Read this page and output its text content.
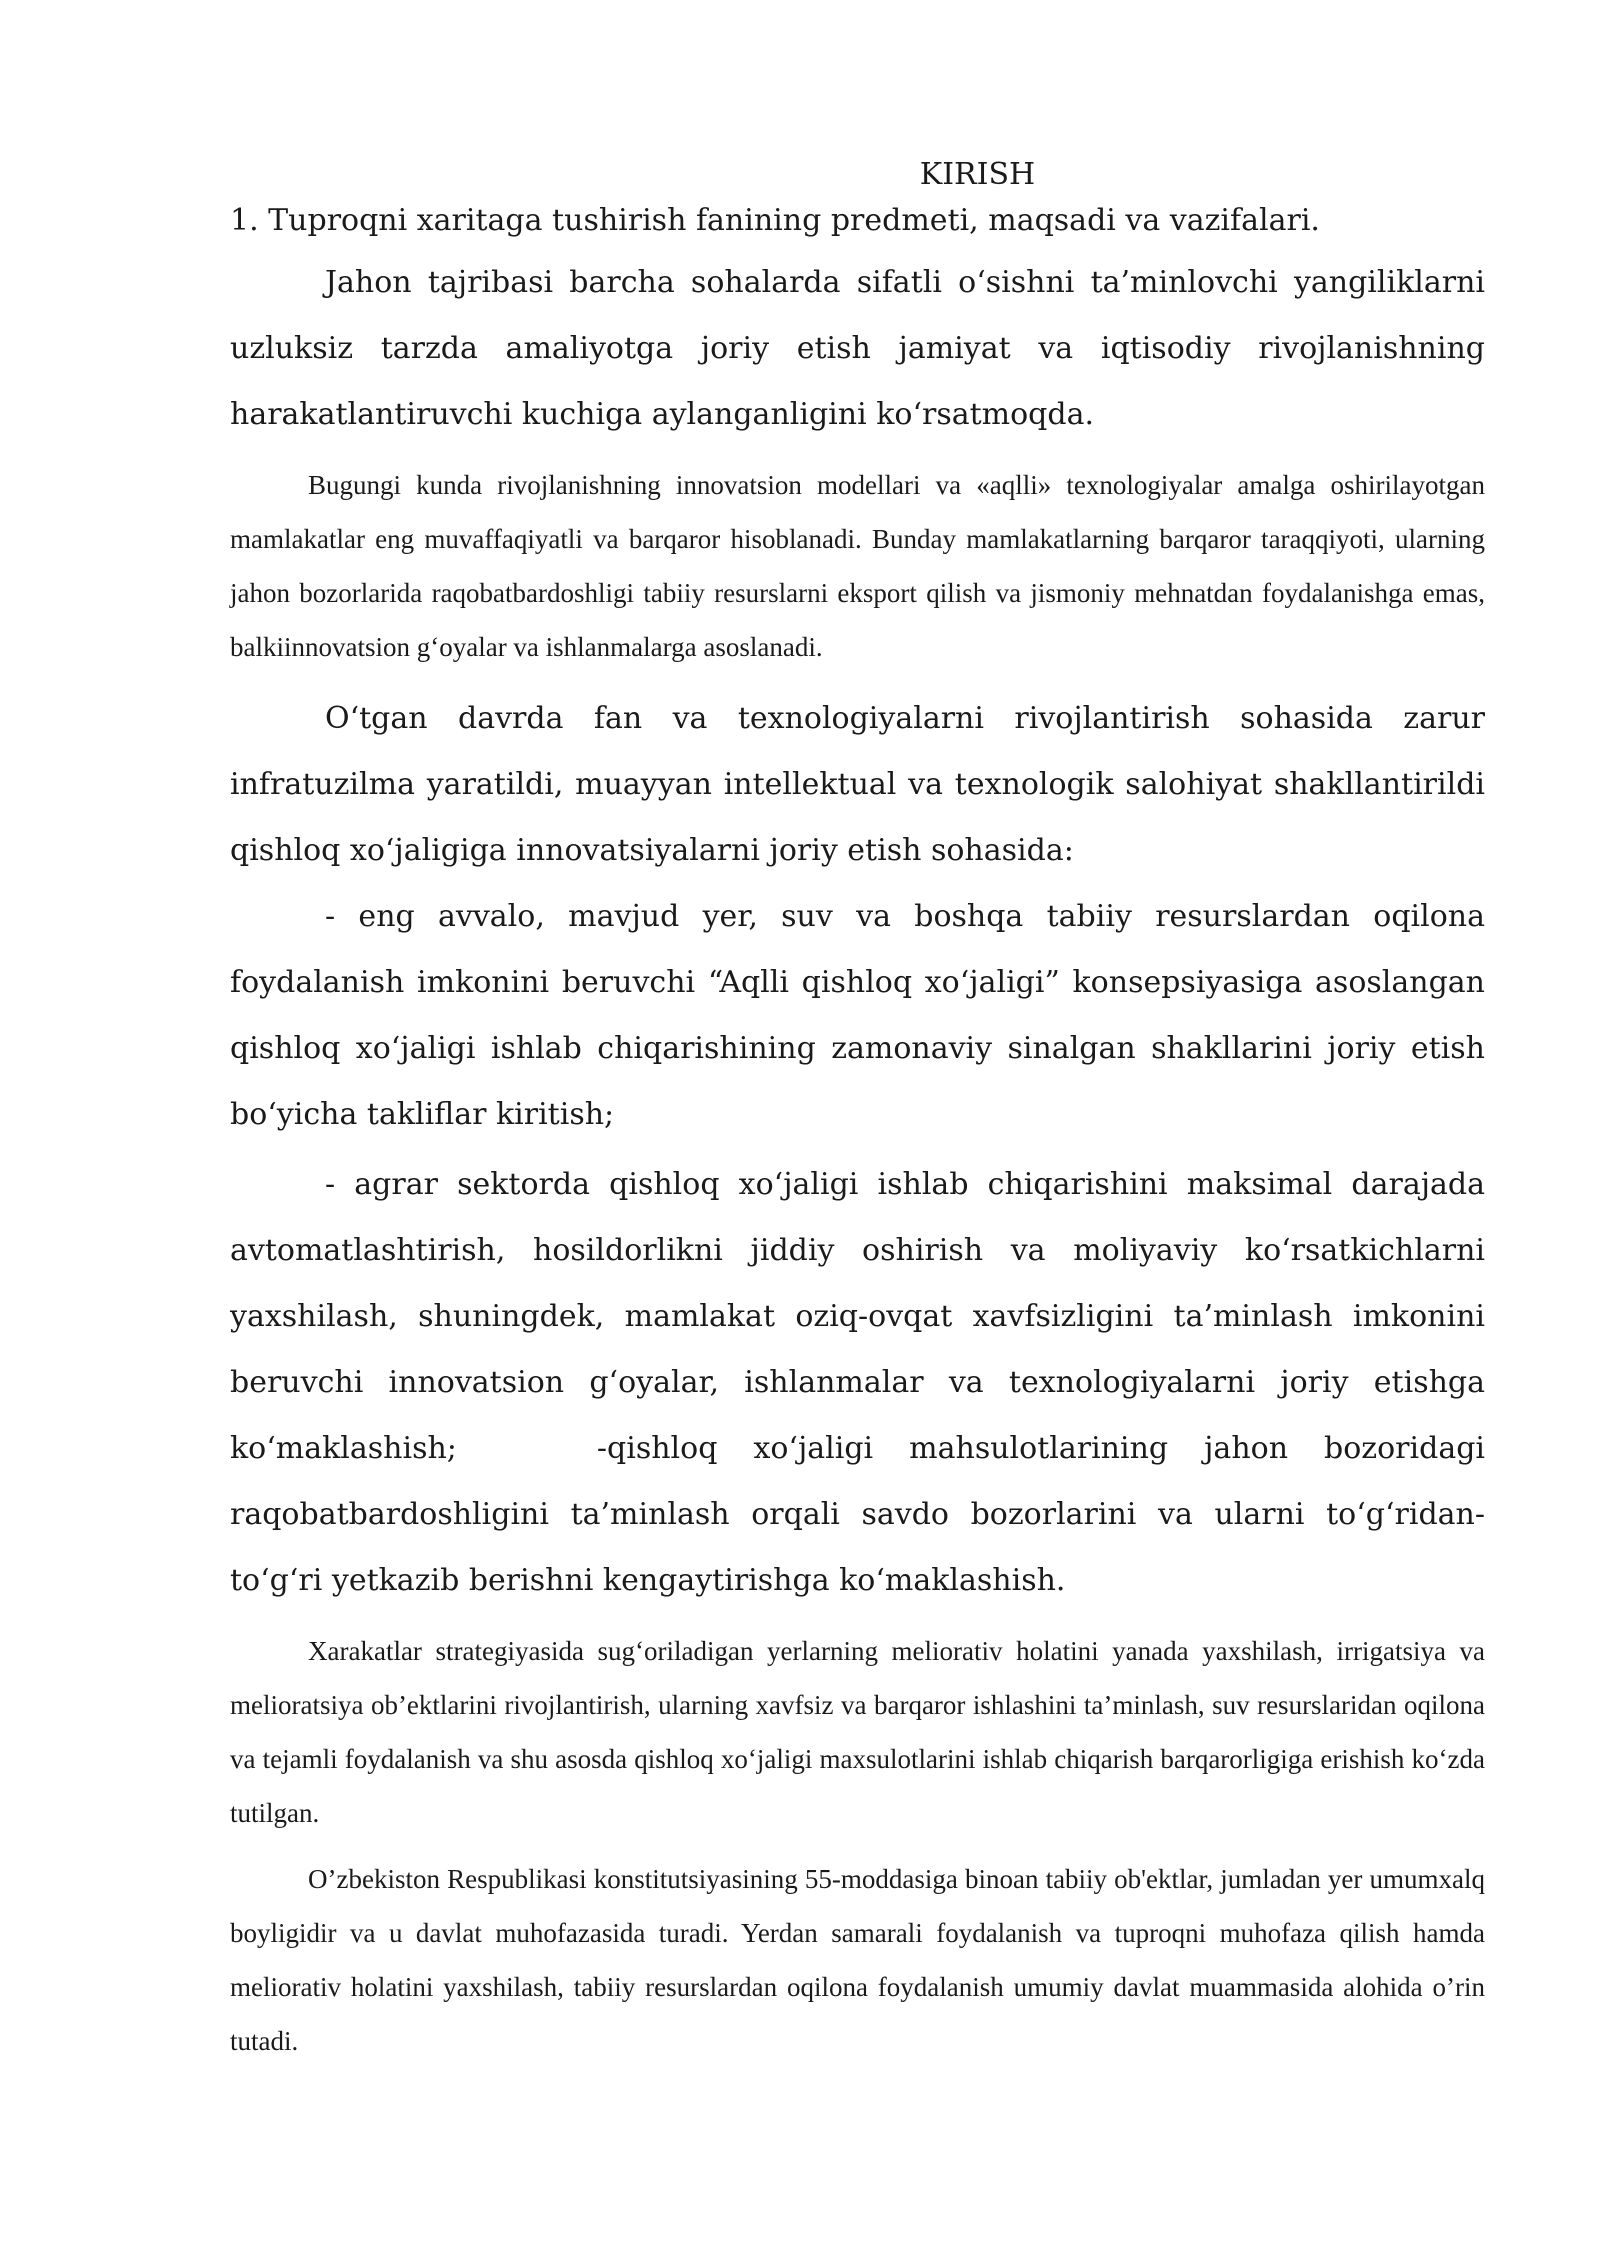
KIRISH

1. Tuproqni xaritaga tushirish fanining predmeti, maqsadi va vazifalari.

Jahon tajribasi barcha sohalarda sifatli o‘sishni ta’minlovchi yangiliklarni uzluksiz tarzda amaliyotga joriy etish jamiyat va iqtisodiy rivojlanishning harakatlantiruvchi kuchiga aylanganligini ko‘rsatmoqda.

Bugungi kunda rivojlanishning innovatsion modellari va «aqlli» texnologiyalar amalga oshirilayotgan mamlakatlar eng muvaffaqiyatli va barqaror hisoblanadi. Bunday mamlakatlarning barqaror taraqqiyoti, ularning jahon bozorlarida raqobatbardoshligi tabiiy resurslarni eksport qilish va jismoniy mehnatdan foydalanishga emas, balkiinnovatsion g‘oyalar va ishlanmalarga asoslanadi.

O‘tgan davrda fan va texnologiyalarni rivojlantirish sohasida zarur infratuzilma yaratildi, muayyan intellektual va texnologik salohiyat shakllantirildi qishloq xo‘jaligiga innovatsiyalarni joriy etish sohasida:

- eng avvalo, mavjud yer, suv va boshqa tabiiy resurslardan oqilona foydalanish imkonini beruvchi “Aqlli qishloq xo‘jaligi” konsepsiyasiga asoslangan qishloq xo‘jaligi ishlab chiqarishining zamonaviy sinalgan shakllarini joriy etish bo‘yicha takliflar kiritish;

- agrar sektorda qishloq xo‘jaligi ishlab chiqarishini maksimal darajada avtomatlashtirish, hosildorlikni jiddiy oshirish va moliyaviy ko‘rsatkichlarni yaxshilash, shuningdek, mamlakat oziq-ovqat xavfsizligini ta’minlash imkonini beruvchi innovatsion g‘oyalar, ishlanmalar va texnologiyalarni joriy etishga ko‘maklashish;	-qishloq xo‘jaligi mahsulotlarining jahon bozoridagi raqobatbardoshligini ta’minlash orqali savdo bozorlarini va ularni to‘g‘ridan-to‘g‘ri yetkazib berishni kengaytirishga ko‘maklashish.

Xarakatlar strategiyasida sug‘oriladigan yerlarning meliorativ holatini yanada yaxshilash, irrigatsiya va melioratsiya ob’ektlarini rivojlantirish, ularning xavfsiz va barqaror ishlashini ta’minlash, suv resurslaridan oqilona va tejamli foydalanish va shu asosda qishloq xo‘jaligi maxsulotlarini ishlab chiqarish barqarorligiga erishish ko‘zda tutilgan.

O’zbekiston Respublikasi konstitutsiyasining 55-moddasiga binoan tabiiy ob'ektlar, jumladan yer umumxalq boyligidir va u davlat muhofazasida turadi. Yerdan samarali foydalanish va tuproqni muhofaza qilish hamda meliorativ holatini yaxshilash, tabiiy resurslardan oqilona foydalanish umumiy davlat muammasida alohida o’rin tutadi.
